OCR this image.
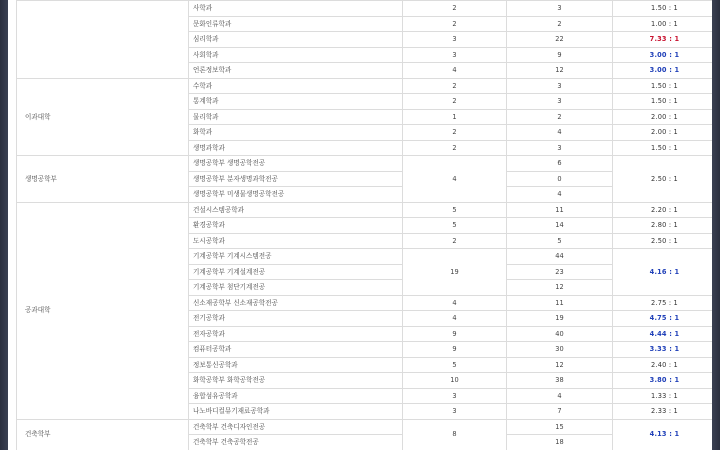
	사학과	2	3	1.50 : 1
	문화인류학과	2	2	1.00 : 1
	심리학과	3	22	7.33 : 1
	사회학과	3	9	3.00 : 1
	언론정보학과	4	12	3.00 : 1
이과대학	수학과	2	3	1.50 : 1
	통계학과	2	3	1.50 : 1
	물리학과	1	2	2.00 : 1
	화학과	2	4	2.00 : 1
	생명과학과	2	3	1.50 : 1
생명공학부	생명공학부 생명공학전공	4	6	2.50 : 1
	생명공학부 분자생명과학전공		0	
	생명공학부 미생물생명공학전공		4	
공과대학	건설시스템공학과	5	11	2.20 : 1
	환경공학과	5	14	2.80 : 1
	도시공학과	2	5	2.50 : 1
	기계공학부 기계시스템전공	19	44	4.16 : 1
	기계공학부 기계설계전공		23	
	기계공학부 첨단기계전공		12	
	신소재공학부 신소재공학전공	4	11	2.75 : 1
	전기공학과	4	19	4.75 : 1
	전자공학과	9	40	4.44 : 1
	컴퓨터공학과	9	30	3.33 : 1
	정보통신공학과	5	12	2.40 : 1
	화학공학부 화학공학전공	10	38	3.80 : 1
	융합섬유공학과	3	4	1.33 : 1
	나노바디컬뮤기재료공학과	3	7	2.33 : 1
건축학부	건축학부 건축디자인전공	8	15	4.13 : 1
	건축학부 건축공학전공		18	
